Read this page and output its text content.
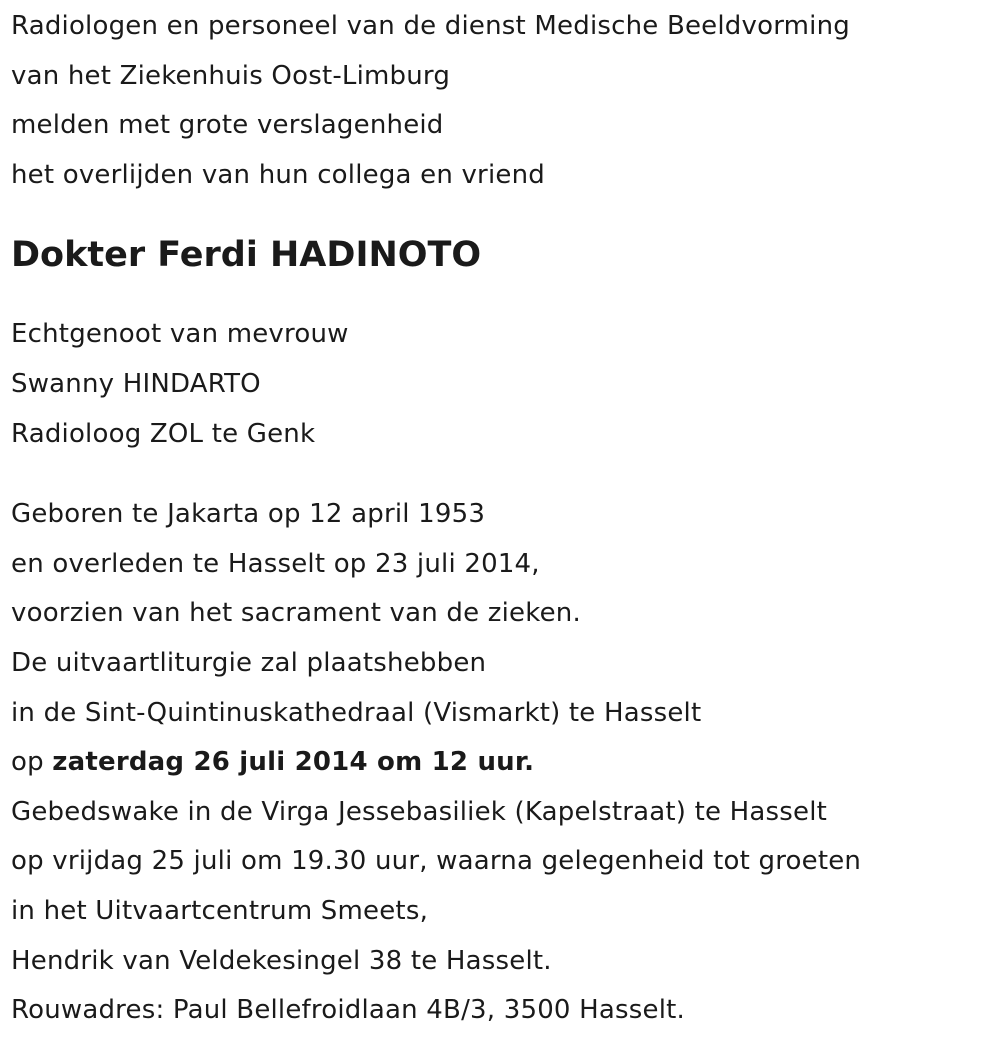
Radiologen en personeel van de dienst Medische Beeldvorming
van het Ziekenhuis Oost-Limburg
melden met grote verslagenheid
het overlijden van hun collega en vriend
Dokter Ferdi HADINOTO
Echtgenoot van mevrouw
Swanny HINDARTO
Radioloog ZOL te Genk
Geboren te Jakarta op 12 april 1953
en overleden te Hasselt op 23 juli 2014,
voorzien van het sacrament van de zieken.
De uitvaartliturgie zal plaatshebben
in de Sint-Quintinuskathedraal (Vismarkt) te Hasselt
op zaterdag 26 juli 2014 om 12 uur.
Gebedswake in de Virga Jessebasiliek (Kapelstraat) te Hasselt
op vrijdag 25 juli om 19.30 uur, waarna gelegenheid tot groeten
in het Uitvaartcentrum Smeets,
Hendrik van Veldekesingel 38 te Hasselt.
Rouwadres: Paul Bellefroidlaan 4B/3, 3500 Hasselt.
